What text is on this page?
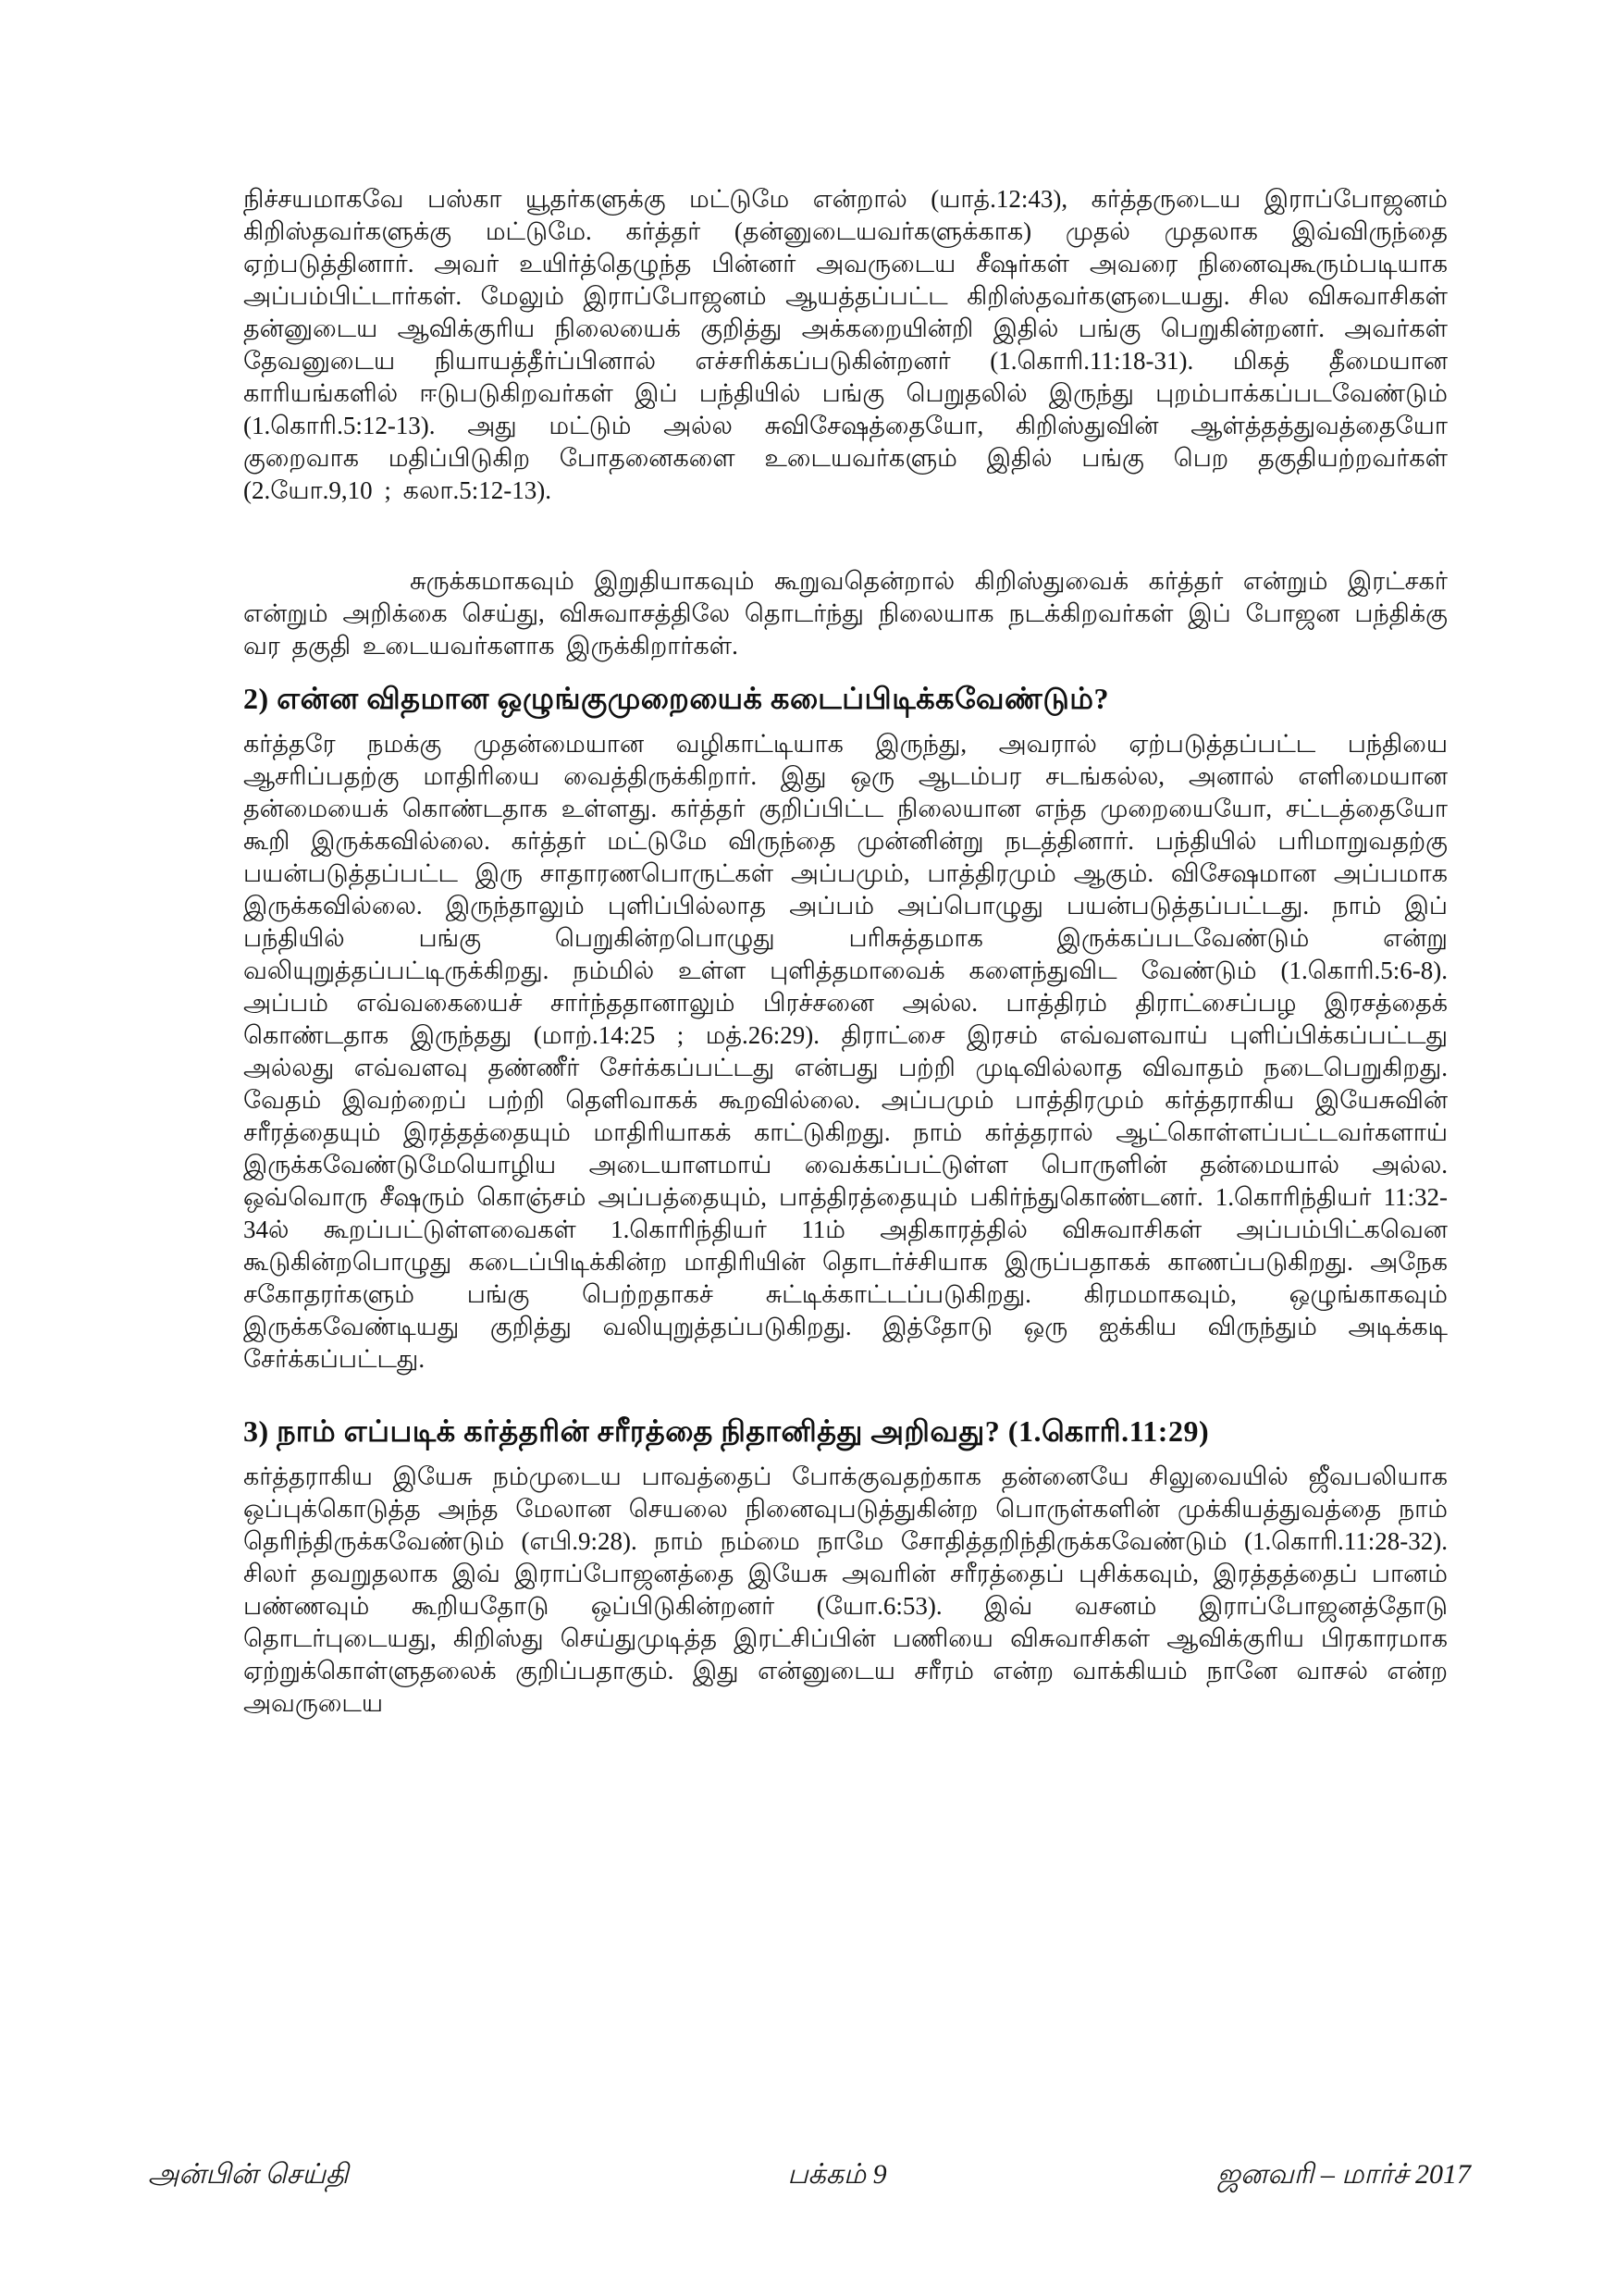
நிச்சயமாகவே பஸ்கா யூதர்களுக்கு மட்டுமே என்றால் (யாத்.12:43), கர்த்தருடைய இராப்போஜனம் கிறிஸ்தவர்களுக்கு மட்டுமே. கர்த்தர் (தன்னுடையவர்களுக்காக) முதல் முதலாக இவ்விருந்தை ஏற்படுத்தினார். அவர் உயிர்த்தெழுந்த பின்னர் அவருடைய சீஷர்கள் அவரை நினைவுகூரும்படியாக அப்பம்பிட்டார்கள். மேலும் இராப்போஜனம் ஆயத்தப்பட்ட கிறிஸ்தவர்களுடையது. சில விசுவாசிகள் தன்னுடைய ஆவிக்குரிய நிலையைக் குறித்து அக்கறையின்றி இதில் பங்கு பெறுகின்றனர். அவர்கள் தேவனுடைய நியாயத்தீர்ப்பினால் எச்சரிக்கப்படுகின்றனர் (1.கொரி.11:18-31). மிகத் தீமையான காரியங்களில் ஈடுபடுகிறவர்கள் இப் பந்தியில் பங்கு பெறுதலில் இருந்து புறம்பாக்கப்படவேண்டும் (1.கொரி.5:12-13). அது மட்டும் அல்ல சுவிசேஷத்தையோ, கிறிஸ்துவின் ஆள்த்தத்துவத்தையோ குறைவாக மதிப்பிடுகிற போதனைகளை உடையவர்களும் இதில் பங்கு பெற தகுதியற்றவர்கள் (2.யோ.9,10 ; கலா.5:12-13).

சுருக்கமாகவும் இறுதியாகவும் கூறுவதென்றால் கிறிஸ்துவைக் கர்த்தர் என்றும் இரட்சகர் என்றும் அறிக்கை செய்து, விசுவாசத்திலே தொடர்ந்து நிலையாக நடக்கிறவர்கள் இப் போஜன பந்திக்கு வர தகுதி உடையவர்களாக இருக்கிறார்கள்.

2) என்ன விதமான ஒழுங்குமுறையைக் கடைப்பிடிக்கவேண்டும்?

கர்த்தரே நமக்கு முதன்மையான வழிகாட்டியாக இருந்து, அவரால் ஏற்படுத்தப்பட்ட பந்தியை ஆசரிப்பதற்கு மாதிரியை வைத்திருக்கிறார். இது ஒரு ஆடம்பர சடங்கல்ல, அனால் எளிமையான தன்மையைக் கொண்டதாக உள்ளது. கர்த்தர் குறிப்பிட்ட நிலையான எந்த முறையையோ, சட்டத்தையோ கூறி இருக்கவில்லை. கர்த்தர் மட்டுமே விருந்தை முன்னின்று நடத்தினார். பந்தியில் பரிமாறுவதற்கு பயன்படுத்தப்பட்ட இரு சாதாரணபொருட்கள் அப்பமும், பாத்திரமும் ஆகும். விசேஷமான அப்பமாக இருக்கவில்லை. இருந்தாலும் புளிப்பில்லாத அப்பம் அப்பொழுது பயன்படுத்தப்பட்டது. நாம் இப் பந்தியில் பங்கு பெறுகின்றபொழுது பரிசுத்தமாக இருக்கப்படவேண்டும் என்று வலியுறுத்தப்பட்டிருக்கிறது. நம்மில் உள்ள புளித்தமாவைக் களைந்துவிட வேண்டும் (1.கொரி.5:6-8). அப்பம் எவ்வகையைச் சார்ந்ததானாலும் பிரச்சனை அல்ல. பாத்திரம் திராட்சைப்பழ இரசத்தைக் கொண்டதாக இருந்தது (மாற்.14:25 ; மத்.26:29). திராட்சை இரசம் எவ்வளவாய் புளிப்பிக்கப்பட்டது அல்லது எவ்வளவு தண்ணீர் சேர்க்கப்பட்டது என்பது பற்றி முடிவில்லாத விவாதம் நடைபெறுகிறது. வேதம் இவற்றைப் பற்றி தெளிவாகக் கூறவில்லை. அப்பமும் பாத்திரமும் கர்த்தராகிய இயேசுவின் சரீரத்தையும் இரத்தத்தையும் மாதிரியாகக் காட்டுகிறது. நாம் கர்த்தரால் ஆட்கொள்ளப்பட்டவர்களாய் இருக்கவேண்டுமேயொழிய அடையாளமாய் வைக்கப்பட்டுள்ள பொருளின் தன்மையால் அல்ல. ஒவ்வொரு சீஷரும் கொஞ்சம் அப்பத்தையும், பாத்திரத்தையும் பகிர்ந்துகொண்டனர். 1.கொரிந்தியர் 11:32-34ல் கூறப்பட்டுள்ளவைகள் 1.கொரிந்தியர் 11ம் அதிகாரத்தில் விசுவாசிகள் அப்பம்பிட்கவென கூடுகின்றபொழுது கடைப்பிடிக்கின்ற மாதிரியின் தொடர்ச்சியாக இருப்பதாகக் காணப்படுகிறது. அநேக சகோதரர்களும் பங்கு பெற்றதாகச் சுட்டிக்காட்டப்படுகிறது. கிரமமாகவும், ஒழுங்காகவும் இருக்கவேண்டியது குறித்து வலியுறுத்தப்படுகிறது. இத்தோடு ஒரு ஐக்கிய விருந்தும் அடிக்கடி சேர்க்கப்பட்டது.

3) நாம் எப்படிக் கர்த்தரின் சரீரத்தை நிதானித்து அறிவது? (1.கொரி.11:29)

கர்த்தராகிய இயேசு நம்முடைய பாவத்தைப் போக்குவதற்காக தன்னையே சிலுவையில் ஜீவபலியாக ஒப்புக்கொடுத்த அந்த மேலான செயலை நினைவுபடுத்துகின்ற பொருள்களின் முக்கியத்துவத்தை நாம் தெரிந்திருக்கவேண்டும் (எபி.9:28). நாம் நம்மை நாமே சோதித்தறிந்திருக்கவேண்டும் (1.கொரி.11:28-32). சிலர் தவறுதலாக இவ் இராப்போஜனத்தை இயேசு அவரின் சரீரத்தைப் புசிக்கவும், இரத்தத்தைப் பானம் பண்ணவும் கூறியதோடு ஒப்பிடுகின்றனர் (யோ.6:53). இவ் வசனம் இராப்போஜனத்தோடு தொடர்புடையது, கிறிஸ்து செய்துமுடித்த இரட்சிப்பின் பணியை விசுவாசிகள் ஆவிக்குரிய பிரகாரமாக ஏற்றுக்கொள்ளுதலைக் குறிப்பதாகும். இது என்னுடைய சரீரம் என்ற வாக்கியம் நானே வாசல் என்ற அவருடைய

அன்பின் செய்தி	பக்கம் 9	ஜனவரி – மார்ச் 2017
